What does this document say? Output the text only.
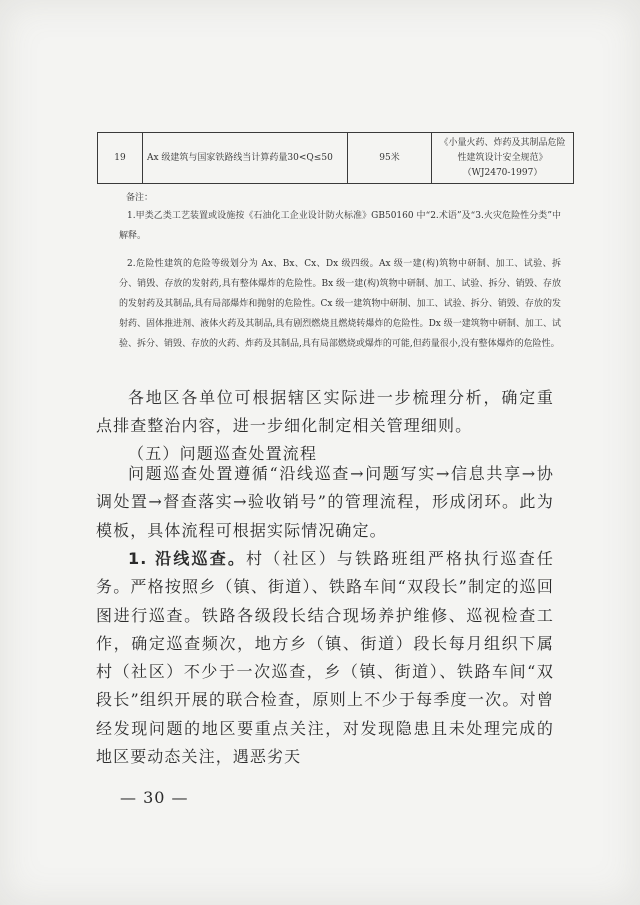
19	Ax 级建筑与国家铁路线当计算药量30<Q≤50	95米	《小量火药、炸药及其制品危险性建筑设计安全规范》（WJ2470-1997）
备注：
1.甲类乙类工艺装置或设施按《石油化工企业设计防火标准》GB50160 中“2.术语”及“3.火灾危险性分类”中解释。
2.危险性建筑的危险等级划分为 Ax、Bx、Cx、Dx 级四级。Ax 级一建(构)筑物中研制、加工、试验、拆分、销毁、存放的发射药,具有整体爆炸的危险性。Bx 级一建(构)筑物中研制、加工、试验、拆分、销毁、存放的发射药及其制品,具有局部爆炸和抛射的危险性。Cx 级一建筑物中研制、加工、试验、拆分、销毁、存放的发射药、固体推进剂、液体火药及其制品,具有剧烈燃烧且燃烧转爆炸的危险性。Dx 级一建筑物中研制、加工、试验、拆分、销毁、存放的火药、炸药及其制品,具有局部燃烧或爆炸的可能,但药量很小,没有整体爆炸的危险性。
各地区各单位可根据辖区实际进一步梳理分析，确定重点排查整治内容，进一步细化制定相关管理细则。
（五）问题巡查处置流程
问题巡查处置遵循“沿线巡查→问题写实→信息共享→协调处置→督查落实→验收销号”的管理流程，形成闭环。此为模板，具体流程可根据实际情况确定。
1. 沿线巡查。村（社区）与铁路班组严格执行巡查任务。严格按照乡（镇、街道）、铁路车间“双段长”制定的巡回图进行巡查。铁路各级段长结合现场养护维修、巡视检查工作，确定巡查频次，地方乡（镇、街道）段长每月组织下属村（社区）不少于一次巡查，乡（镇、街道）、铁路车间“双段长”组织开展的联合检查，原则上不少于每季度一次。对曾经发现问题的地区要重点关注，对发现隐患且未处理完成的地区要动态关注，遇恶劣天
— 30 —
